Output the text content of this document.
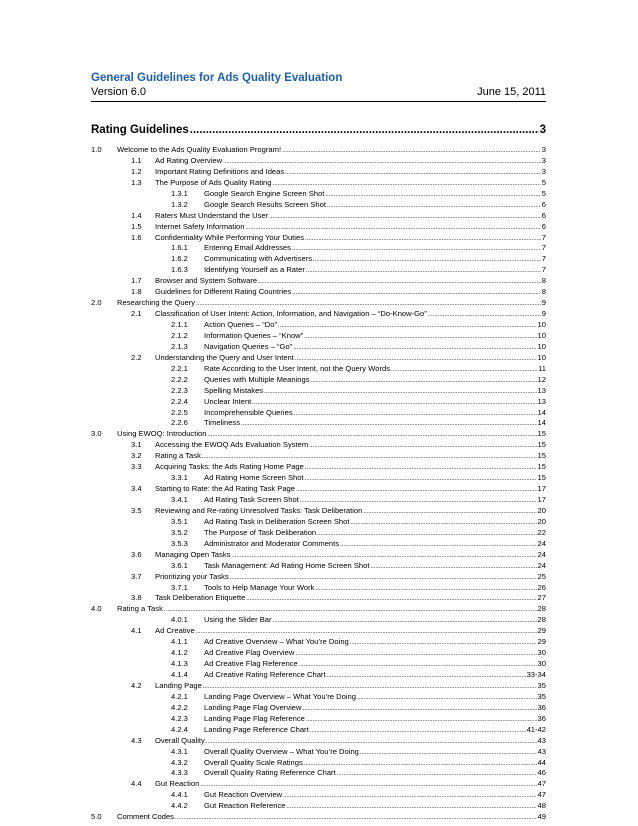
General Guidelines for Ads Quality Evaluation
Version 6.0	June 15, 2011
Rating Guidelines .....	3
1.0 Welcome to the Ads Quality Evaluation Program! .....	3
1.1 Ad Rating Overview .....	3
1.2 Important Rating Definitions and Ideas .....	3
1.3 The Purpose of Ads Quality Rating .....	5
1.3.1 Google Search Engine Screen Shot .....	5
1.3.2 Google Search Results Screen Shot .....	6
1.4 Raters Must Understand the User .....	6
1.5 Internet Safety Information .....	6
1.6 Confidentiality While Performing Your Duties .....	7
1.6.1 Entering Email Addresses .....	7
1.6.2 Communicating with Advertisers .....	7
1.6.3 Identifying Yourself as a Rater .....	7
1.7 Browser and System Software .....	8
1.8 Guidelines for Different Rating Countries .....	8
2.0 Researching the Query .....	9
2.1 Classification of User Intent: Action, Information, and Navigation – “Do-Know-Go” .....	9
2.1.1 Action Queries – “Do” .....	10
2.1.2 Information Queries – “Know” .....	10
2.1.3 Navigation Queries – “Go” .....	10
2.2 Understanding the Query and User Intent .....	10
2.2.1 Rate According to the User Intent, not the Query Words .....	11
2.2.2 Queries with Multiple Meanings .....	12
2.2.3 Spelling Mistakes .....	13
2.2.4 Unclear Intent .....	13
2.2.5 Incomprehensible Queries .....	14
2.2.6 Timeliness .....	14
3.0 Using EWOQ: Introduction .....	15
3.1 Accessing the EWOQ Ads Evaluation System .....	15
3.2 Rating a Task .....	15
3.3 Acquiring Tasks: the Ads Rating Home Page .....	15
3.3.1 Ad Rating Home Screen Shot .....	15
3.4 Starting to Rate: the Ad Rating Task Page .....	17
3.4.1 Ad Rating Task Screen Shot .....	17
3.5 Reviewing and Re-rating Unresolved Tasks: Task Deliberation .....	20
3.5.1 Ad Rating Task in Deliberation Screen Shot .....	20
3.5.2 The Purpose of Task Deliberation .....	22
3.5.3 Administrator and Moderator Comments .....	24
3.6 Managing Open Tasks .....	24
3.6.1 Task Management: Ad Rating Home Screen Shot .....	24
3.7 Prioritizing your Tasks .....	25
3.7.1 Tools to Help Manage Your Work .....	26
3.8 Task Deliberation Etiquette .....	27
4.0 Rating a Task .....	28
4.0.1 Using the Slider Bar .....	28
4.1 Ad Creative .....	29
4.1.1 Ad Creative Overview – What You’re Doing .....	29
4.1.2 Ad Creative Flag Overview .....	30
4.1.3 Ad Creative Flag Reference .....	30
4.1.4 Ad Creative Rating Reference Chart .....	33-34
4.2 Landing Page .....	35
4.2.1 Landing Page Overview – What You’re Doing .....	35
4.2.2 Landing Page Flag Overview .....	36
4.2.3 Landing Page Flag Reference .....	36
4.2.4 Landing Page Reference Chart .....	41-42
4.3 Overall Quality .....	43
4.3.1 Overall Quality Overview – What You’re Doing .....	43
4.3.2 Overall Quality Scale Ratings .....	44
4.3.3 Overall Quality Rating Reference Chart .....	46
4.4 Gut Reaction .....	47
4.4.1 Gut Reaction Overview .....	47
4.4.2 Gut Reaction Reference .....	48
5.0 Comment Codes .....	49
